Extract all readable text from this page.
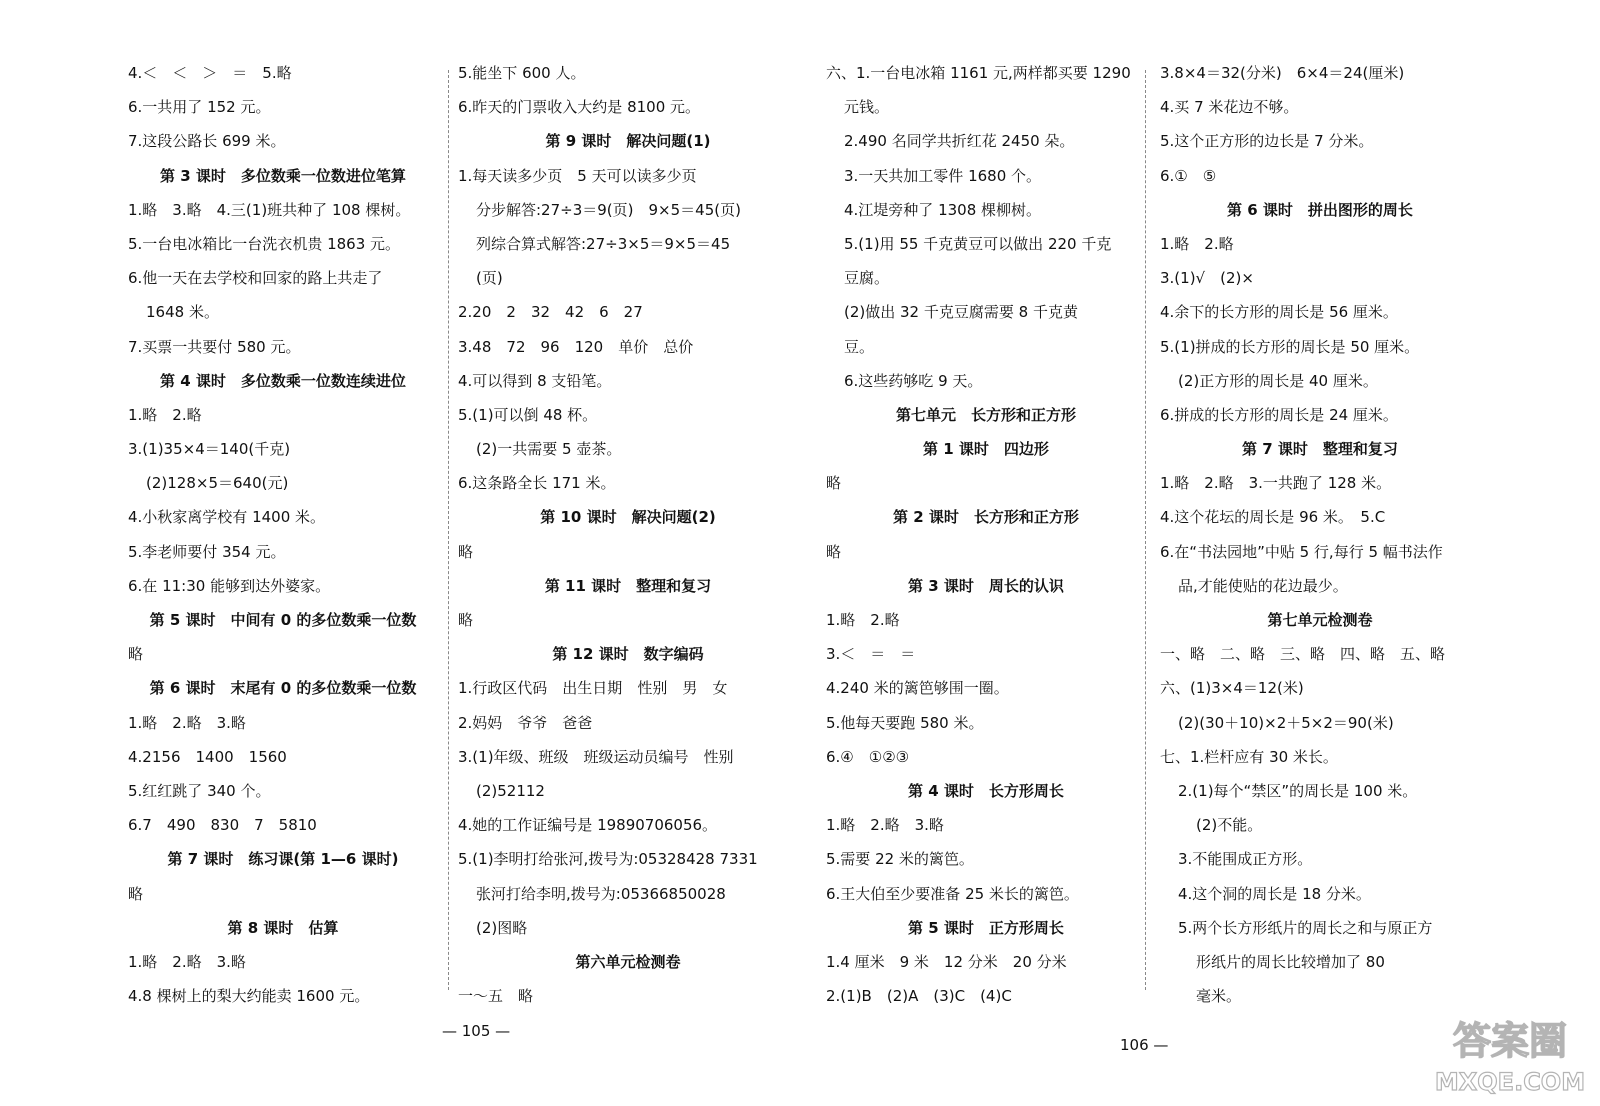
4.＜　＜　＞　＝　5.略
6.一共用了 152 元。
7.这段公路长 699 米。
第 3 课时　多位数乘一位数进位笔算
1.略　3.略　4.三(1)班共种了 108 棵树。
5.一台电冰箱比一台洗衣机贵 1863 元。
6.他一天在去学校和回家的路上共走了
1648 米。
7.买票一共要付 580 元。
第 4 课时　多位数乘一位数连续进位
1.略　2.略
3.(1)35×4＝140(千克)
(2)128×5＝640(元)
4.小秋家离学校有 1400 米。
5.李老师要付 354 元。
6.在 11:30 能够到达外婆家。
第 5 课时　中间有 0 的多位数乘一位数
略
第 6 课时　末尾有 0 的多位数乘一位数
1.略　2.略　3.略
4.2156　1400　1560
5.红红跳了 340 个。
6.7　490　830　7　5810
第 7 课时　练习课(第 1—6 课时)
略
第 8 课时　估算
1.略　2.略　3.略
4.8 棵树上的梨大约能卖 1600 元。
5.能坐下 600 人。
6.昨天的门票收入大约是 8100 元。
第 9 课时　解决问题(1)
1.每天读多少页　5 天可以读多少页
分步解答:27÷3＝9(页)　9×5＝45(页)
列综合算式解答:27÷3×5＝9×5＝45
(页)
2.20　2　32　42　6　27
3.48　72　96　120　单价　总价
4.可以得到 8 支铅笔。
5.(1)可以倒 48 杯。
(2)一共需要 5 壶茶。
6.这条路全长 171 米。
第 10 课时　解决问题(2)
略
第 11 课时　整理和复习
略
第 12 课时　数字编码
1.行政区代码　出生日期　性别　男　女
2.妈妈　爷爷　爸爸
3.(1)年级、班级　班级运动员编号　性别
(2)52112
4.她的工作证编号是 19890706056。
5.(1)李明打给张河,拨号为:05328428 7331
张河打给李明,拨号为:05366850028
(2)图略
第六单元检测卷
一～五　略
六、1.一台电冰箱 1161 元,两样都买要 1290
元钱。
2.490 名同学共折红花 2450 朵。
3.一天共加工零件 1680 个。
4.江堤旁种了 1308 棵柳树。
5.(1)用 55 千克黄豆可以做出 220 千克
豆腐。
(2)做出 32 千克豆腐需要 8 千克黄
豆。
6.这些药够吃 9 天。
第七单元　长方形和正方形
第 1 课时　四边形
略
第 2 课时　长方形和正方形
略
第 3 课时　周长的认识
1.略　2.略
3.＜　＝　＝
4.240 米的篱笆够围一圈。
5.他每天要跑 580 米。
6.④　①②③
第 4 课时　长方形周长
1.略　2.略　3.略
5.需要 22 米的篱笆。
6.王大伯至少要准备 25 米长的篱笆。
第 5 课时　正方形周长
1.4 厘米　9 米　12 分米　20 分米
2.(1)B　(2)A　(3)C　(4)C
3.8×4＝32(分米)　6×4＝24(厘米)
4.买 7 米花边不够。
5.这个正方形的边长是 7 分米。
6.①　⑤
第 6 课时　拼出图形的周长
1.略　2.略
3.(1)√　(2)×
4.余下的长方形的周长是 56 厘米。
5.(1)拼成的长方形的周长是 50 厘米。
(2)正方形的周长是 40 厘米。
6.拼成的长方形的周长是 24 厘米。
第 7 课时　整理和复习
1.略　2.略　3.一共跑了 128 米。
4.这个花坛的周长是 96 米。　5.C
6.在“书法园地”中贴 5 行,每行 5 幅书法作
品,才能使贴的花边最少。
第七单元检测卷
一、略　二、略　三、略　四、略　五、略
六、(1)3×4＝12(米)
(2)(30＋10)×2＋5×2＝90(米)
七、1.栏杆应有 30 米长。
2.(1)每个“禁区”的周长是 100 米。
(2)不能。
3.不能围成正方形。
4.这个洞的周长是 18 分米。
5.两个长方形纸片的周长之和与原正方
形纸片的周长比较增加了 80
毫米。
— 105 —
106 —	答案圈
MXQE.COM
